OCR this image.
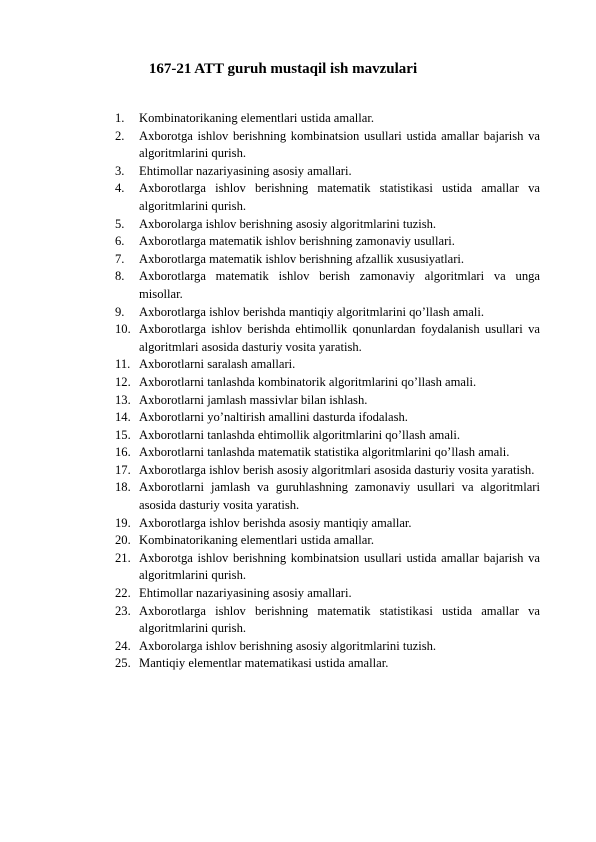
167-21 ATT guruh mustaqil ish mavzulari
1. Kombinatorikaning elementlari ustida amallar.
2. Axborotga ishlov berishning kombinatsion usullari ustida amallar bajarish va algoritmlarini qurish.
3. Ehtimollar nazariyasining asosiy amallari.
4. Axborotlarga ishlov berishning matematik statistikasi ustida amallar va algoritmlarini qurish.
5. Axborolarga ishlov berishning asosiy algoritmlarini tuzish.
6. Axborotlarga matematik ishlov berishning zamonaviy usullari.
7. Axborotlarga matematik ishlov berishning afzallik xususiyatlari.
8. Axborotlarga matematik ishlov berish zamonaviy algoritmlari va unga misollar.
9. Axborotlarga ishlov berishda mantiqiy algoritmlarini qo’llash amali.
10. Axborotlarga ishlov berishda ehtimollik qonunlardan foydalanish usullari va algoritmlari asosida dasturiy vosita yaratish.
11. Axborotlarni saralash amallari.
12. Axborotlarni tanlashda kombinatorik algoritmlarini qo’llash amali.
13. Axborotlarni jamlash massivlar bilan ishlash.
14. Axborotlarni yo’naltirish amallini dasturda ifodalash.
15. Axborotlarni tanlashda ehtimollik algoritmlarini qo’llash amali.
16. Axborotlarni tanlashda matematik statistika algoritmlarini qo’llash amali.
17. Axborotlarga ishlov berish asosiy algoritmlari asosida dasturiy vosita yaratish.
18. Axborotlarni jamlash va guruhlashning zamonaviy usullari va algoritmlari asosida dasturiy vosita yaratish.
19. Axborotlarga ishlov berishda asosiy mantiqiy amallar.
20. Kombinatorikaning elementlari ustida amallar.
21. Axborotga ishlov berishning kombinatsion usullari ustida amallar bajarish va algoritmlarini qurish.
22. Ehtimollar nazariyasining asosiy amallari.
23. Axborotlarga ishlov berishning matematik statistikasi ustida amallar va algoritmlarini qurish.
24. Axborolarga ishlov berishning asosiy algoritmlarini tuzish.
25. Mantiqiy elementlar matematikasi ustida amallar.
